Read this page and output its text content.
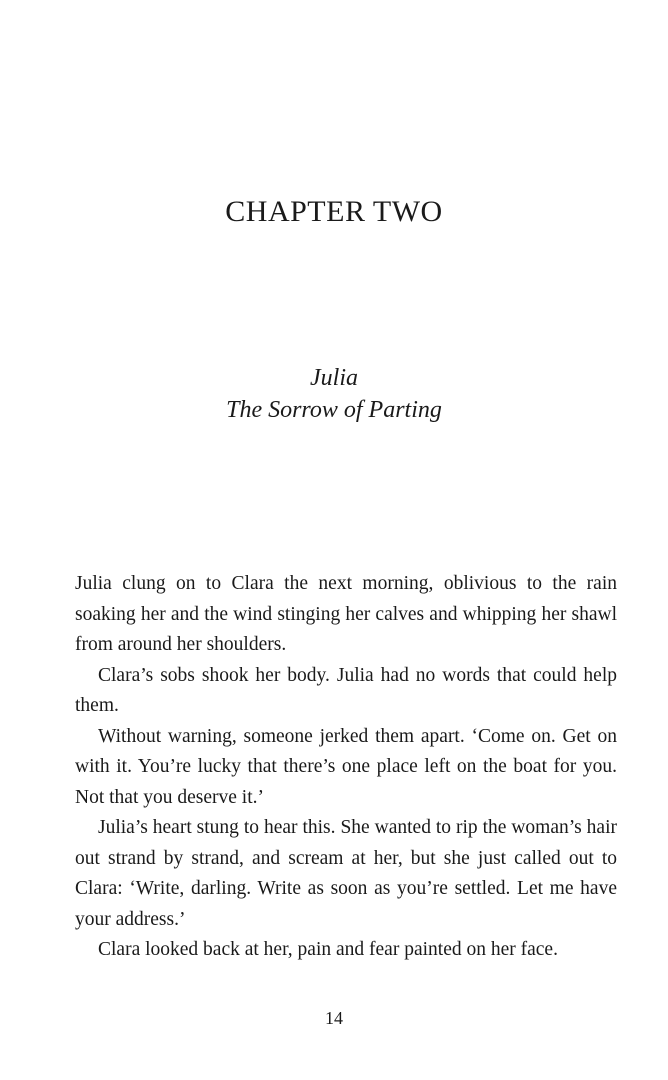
CHAPTER TWO
Julia
The Sorrow of Parting

Julia clung on to Clara the next morning, oblivious to the rain soaking her and the wind stinging her calves and whipping her shawl from around her shoulders.

Clara’s sobs shook her body. Julia had no words that could help them.

Without warning, someone jerked them apart. ‘Come on. Get on with it. You’re lucky that there’s one place left on the boat for you. Not that you deserve it.’

Julia’s heart stung to hear this. She wanted to rip the woman’s hair out strand by strand, and scream at her, but she just called out to Clara: ‘Write, darling. Write as soon as you’re settled. Let me have your address.’

Clara looked back at her, pain and fear painted on her face.

14
